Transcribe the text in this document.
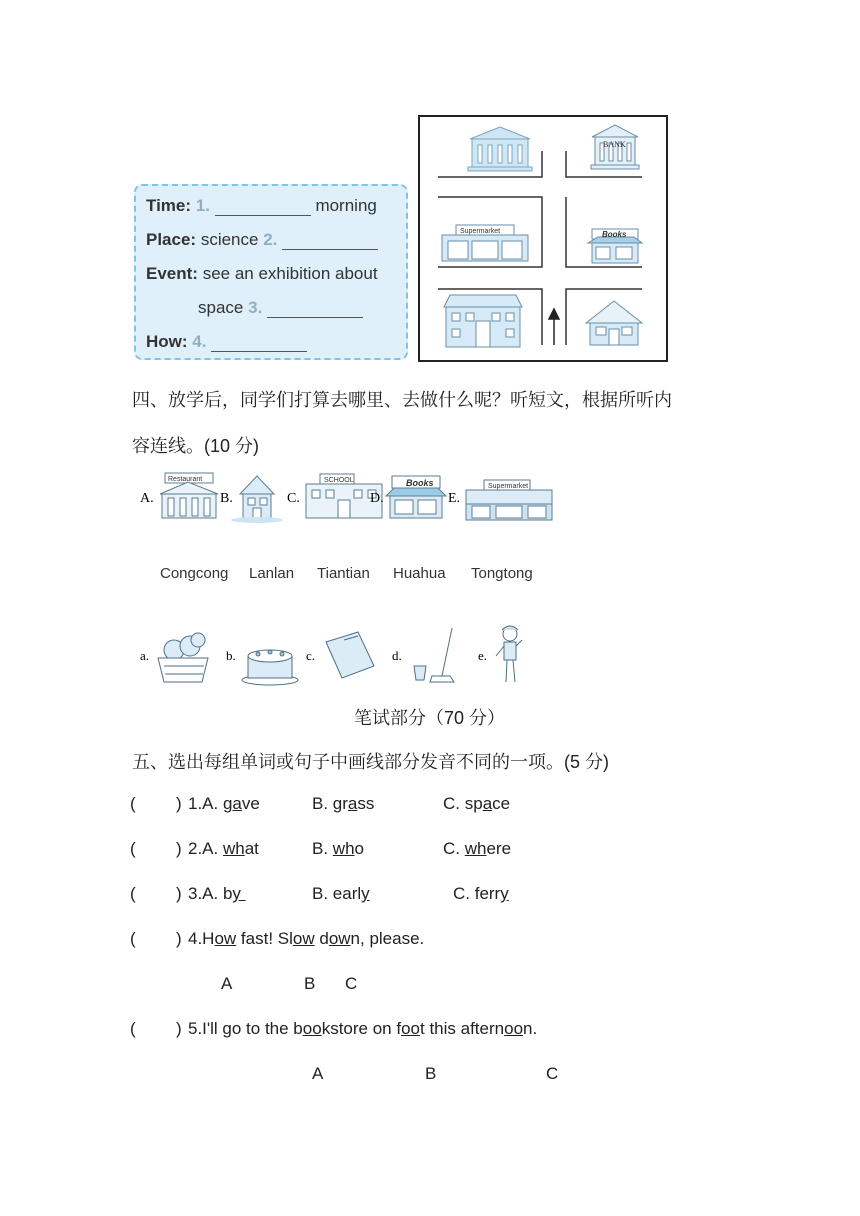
Time: 1.	morning
Place: science 2.
Event: see an exhibition about
space 3.
How: 4.
BANK
Supermarket	Books
四、放学后，同学们打算去哪里、去做什么呢？听短文，根据所听内
容连线。(10 分)
A.
Restaurant
B.	C.
SCHOOL
D.
Books
E.
Supermarket
Congcong Lanlan Tiantian Huahua Tongtong
a.	b.	c.	d.	e.
笔试部分（70 分）
五、选出每组单词或句子中画线部分发音不同的一项。(5 分)
( ) 1.A. gave	B. grass	C. space
( ) 2.A. what	B. who	C. where
( ) 3.A. by	B. early	C. ferry
( ) 4.How fast! Slow down, please.
A	B C
( ) 5.I'll go to the bookstore on foot this afternoon.
A	B	C
